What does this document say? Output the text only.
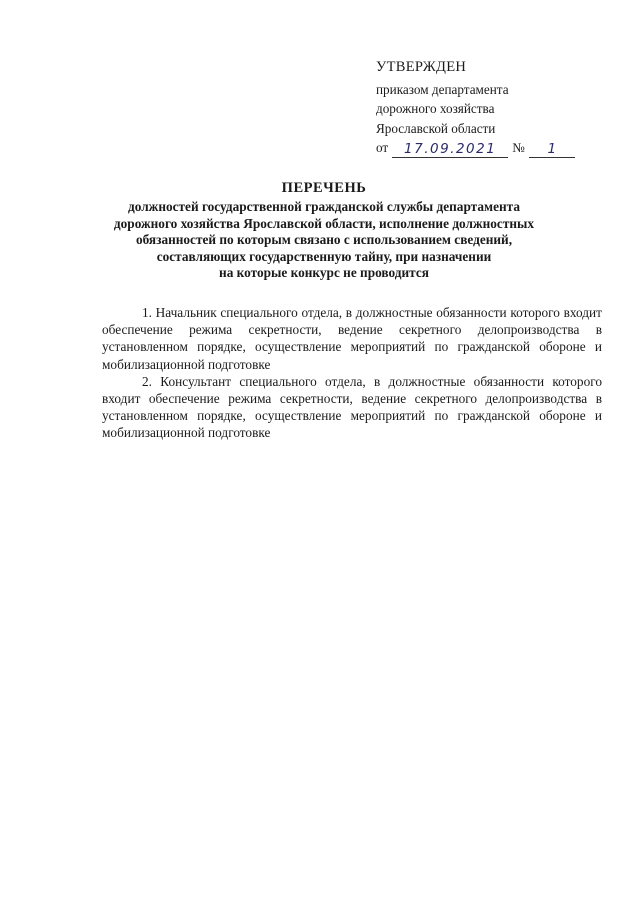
УТВЕРЖДЕН
приказом департамента
дорожного хозяйства
Ярославской области
от	17.09.2021	№	1
ПЕРЕЧЕНЬ
должностей государственной гражданской службы департамента
дорожного хозяйства Ярославской области, исполнение должностных
обязанностей по которым связано с использованием сведений,
составляющих государственную тайну, при назначении
на которые конкурс не проводится

1. Начальник специального отдела, в должностные обязанности которого входит обеспечение режима секретности, ведение секретного делопроизводства в установленном порядке, осуществление мероприятий по гражданской обороне и мобилизационной подготовке

2. Консультант специального отдела, в должностные обязанности которого входит обеспечение режима секретности, ведение секретного делопроизводства в установленном порядке, осуществление мероприятий по гражданской обороне и мобилизационной подготовке
